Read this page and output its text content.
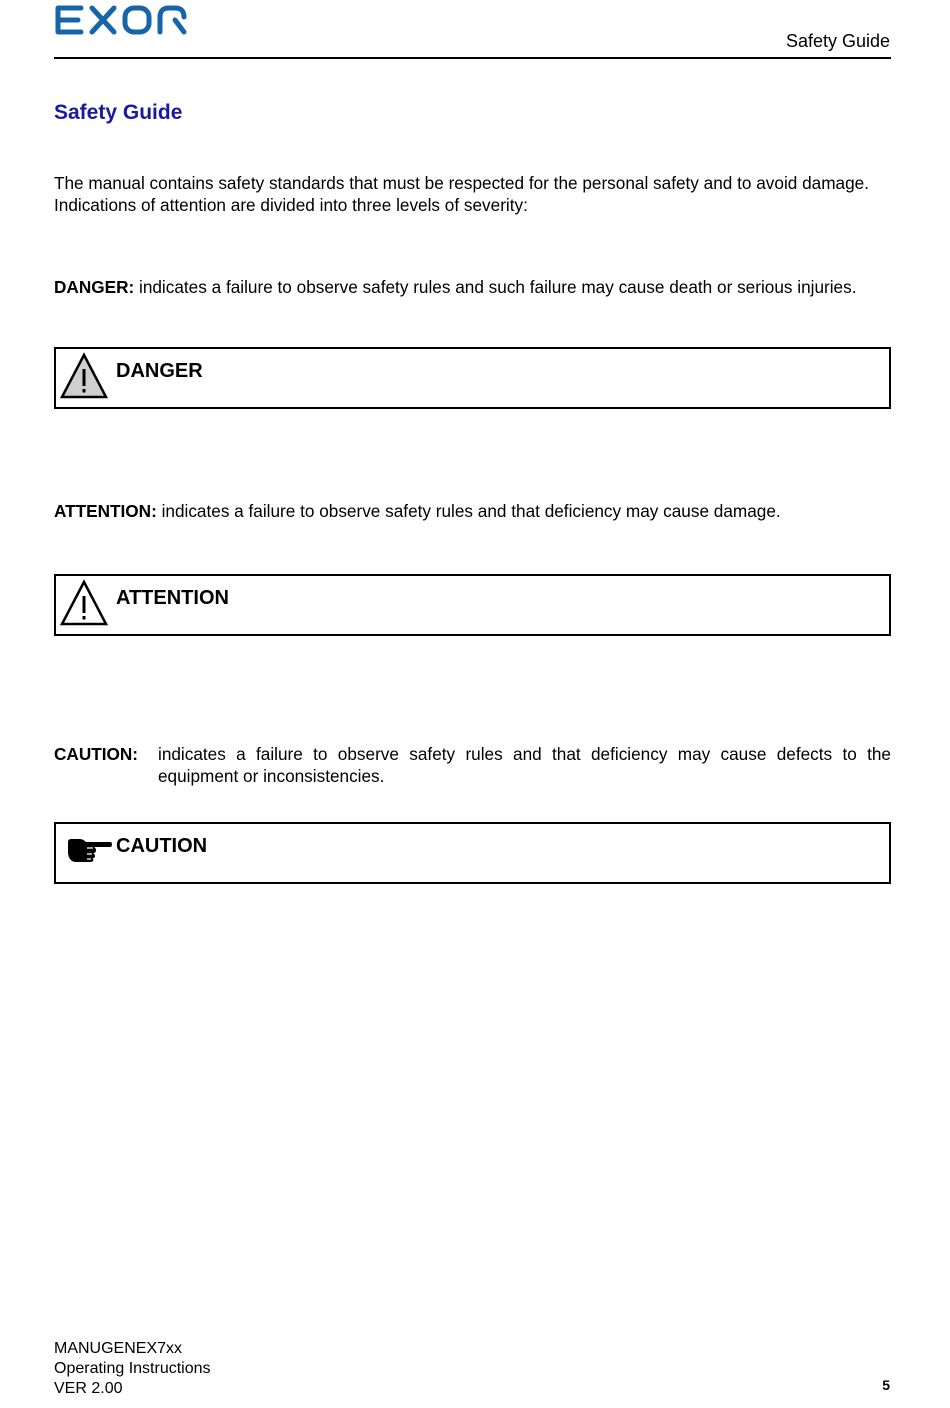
Safety Guide
Safety Guide

The manual contains safety standards that must be respected for the personal safety and to avoid damage.

Indications of attention are divided into three levels of severity:

DANGER: indicates a failure to observe safety rules and such failure may cause death or serious injuries.
DANGER
ATTENTION: indicates a failure to observe safety rules and that deficiency may cause damage.
ATTENTION
CAUTION: indicates a failure to observe safety rules and that deficiency may cause defects to the
equipment or inconsistencies.
CAUTION
MANUGENEX7xx
Operating Instructions
VER 2.00	5
